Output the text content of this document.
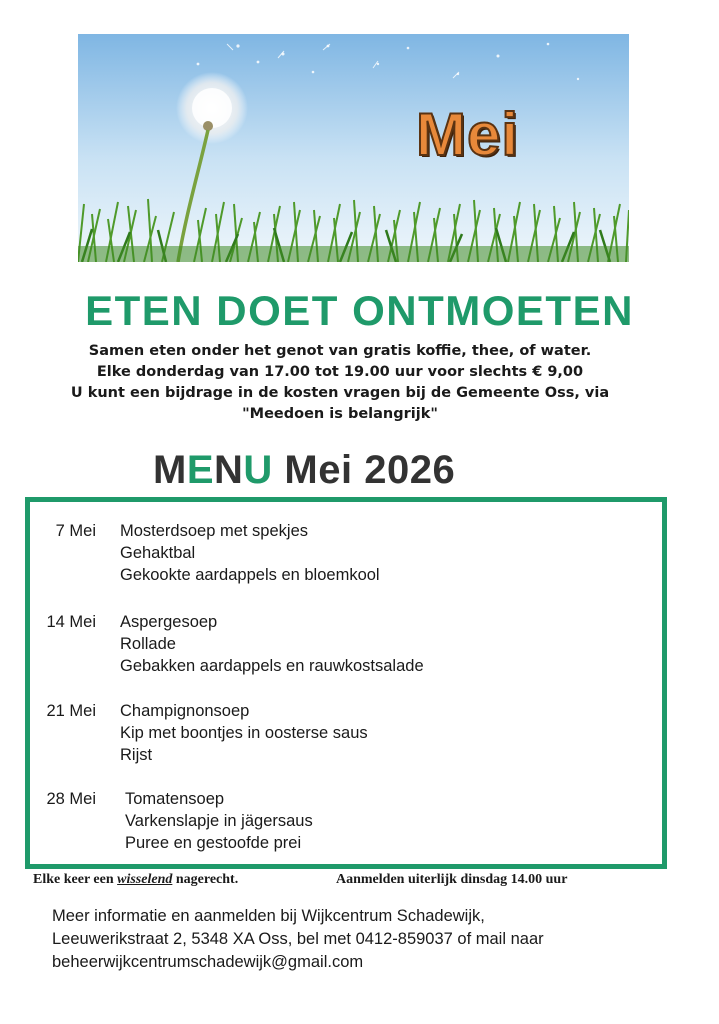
Mei
ETEN DOET ONTMOETEN
Samen eten onder het genot van gratis koffie, thee, of water.
Elke donderdag van 17.00 tot 19.00 uur voor slechts € 9,00
U kunt een bijdrage in de kosten vragen bij de Gemeente Oss, via
"Meedoen is belangrijk"
MENU Mei 2026
7 Mei Mosterdsoep met spekjes
Gehaktbal
Gekookte aardappels en bloemkool
14 Mei Aspergesoep
Rollade
Gebakken aardappels en rauwkostsalade
21 Mei Champignonsoep
Kip met boontjes in oosterse saus
Rijst
28 Mei Tomatensoep
Varkenslapje in jägersaus
Puree en gestoofde prei
Elke keer een wisselend nagerecht.	Aanmelden uiterlijk dinsdag 14.00 uur
Meer informatie en aanmelden bij Wijkcentrum Schadewijk,
Leeuwerikstraat 2, 5348 XA Oss, bel met 0412-859037 of mail naar
beheerwijkcentrumschadewijk@gmail.com
